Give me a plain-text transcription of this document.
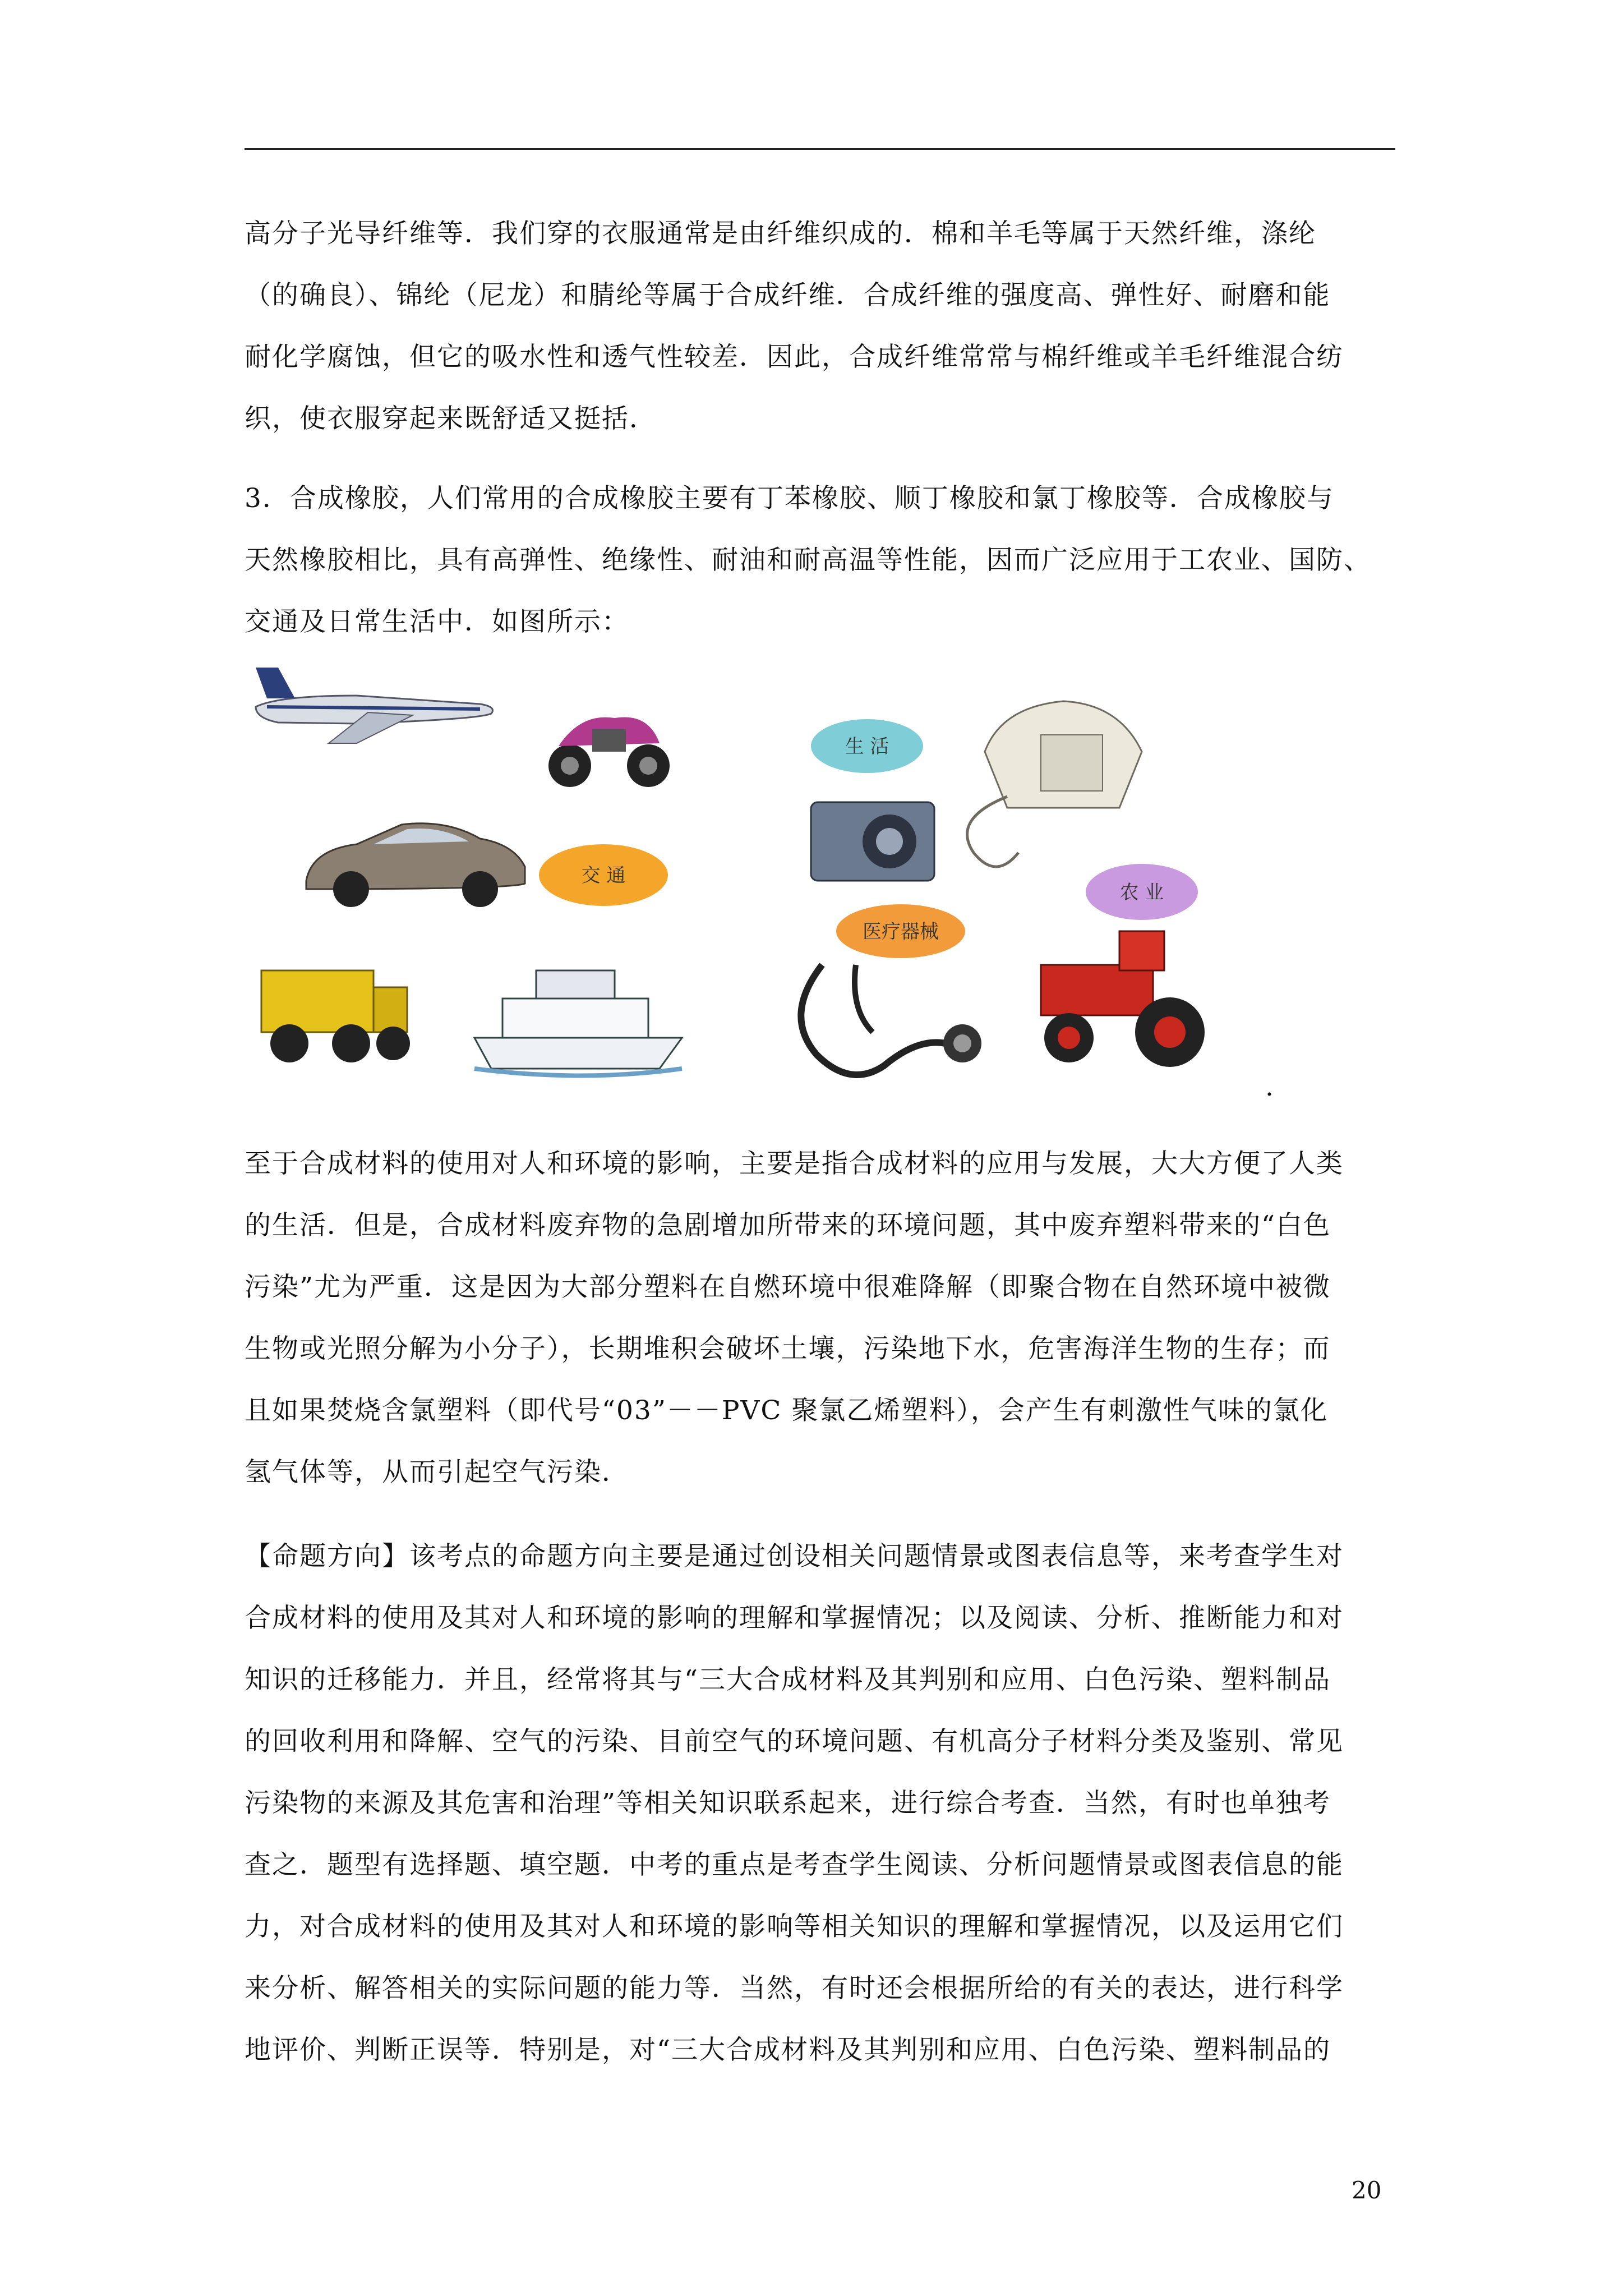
高分子光导纤维等．我们穿的衣服通常是由纤维织成的．棉和羊毛等属于天然纤维，涤纶
（的确良）、锦纶（尼龙）和腈纶等属于合成纤维．合成纤维的强度高、弹性好、耐磨和能
耐化学腐蚀，但它的吸水性和透气性较差．因此，合成纤维常常与棉纤维或羊毛纤维混合纺
织，使衣服穿起来既舒适又挺括．
3．合成橡胶，人们常用的合成橡胶主要有丁苯橡胶、顺丁橡胶和氯丁橡胶等．合成橡胶与
天然橡胶相比，具有高弹性、绝缘性、耐油和耐高温等性能，因而广泛应用于工农业、国防、
交通及日常生活中．如图所示：
交 通
生 活
农 业
医疗器械
.
至于合成材料的使用对人和环境的影响，主要是指合成材料的应用与发展，大大方便了人类
的生活．但是，合成材料废弃物的急剧增加所带来的环境问题，其中废弃塑料带来的“白色
污染”尤为严重．这是因为大部分塑料在自燃环境中很难降解（即聚合物在自然环境中被微
生物或光照分解为小分子），长期堆积会破坏土壤，污染地下水，危害海洋生物的生存；而
且如果焚烧含氯塑料（即代号“03”－－PVC 聚氯乙烯塑料），会产生有刺激性气味的氯化
氢气体等，从而引起空气污染．
【命题方向】该考点的命题方向主要是通过创设相关问题情景或图表信息等，来考查学生对
合成材料的使用及其对人和环境的影响的理解和掌握情况；以及阅读、分析、推断能力和对
知识的迁移能力．并且，经常将其与“三大合成材料及其判别和应用、白色污染、塑料制品
的回收利用和降解、空气的污染、目前空气的环境问题、有机高分子材料分类及鉴别、常见
污染物的来源及其危害和治理”等相关知识联系起来，进行综合考查．当然，有时也单独考
查之．题型有选择题、填空题．中考的重点是考查学生阅读、分析问题情景或图表信息的能
力，对合成材料的使用及其对人和环境的影响等相关知识的理解和掌握情况，以及运用它们
来分析、解答相关的实际问题的能力等．当然，有时还会根据所给的有关的表达，进行科学
地评价、判断正误等．特别是，对“三大合成材料及其判别和应用、白色污染、塑料制品的
20
